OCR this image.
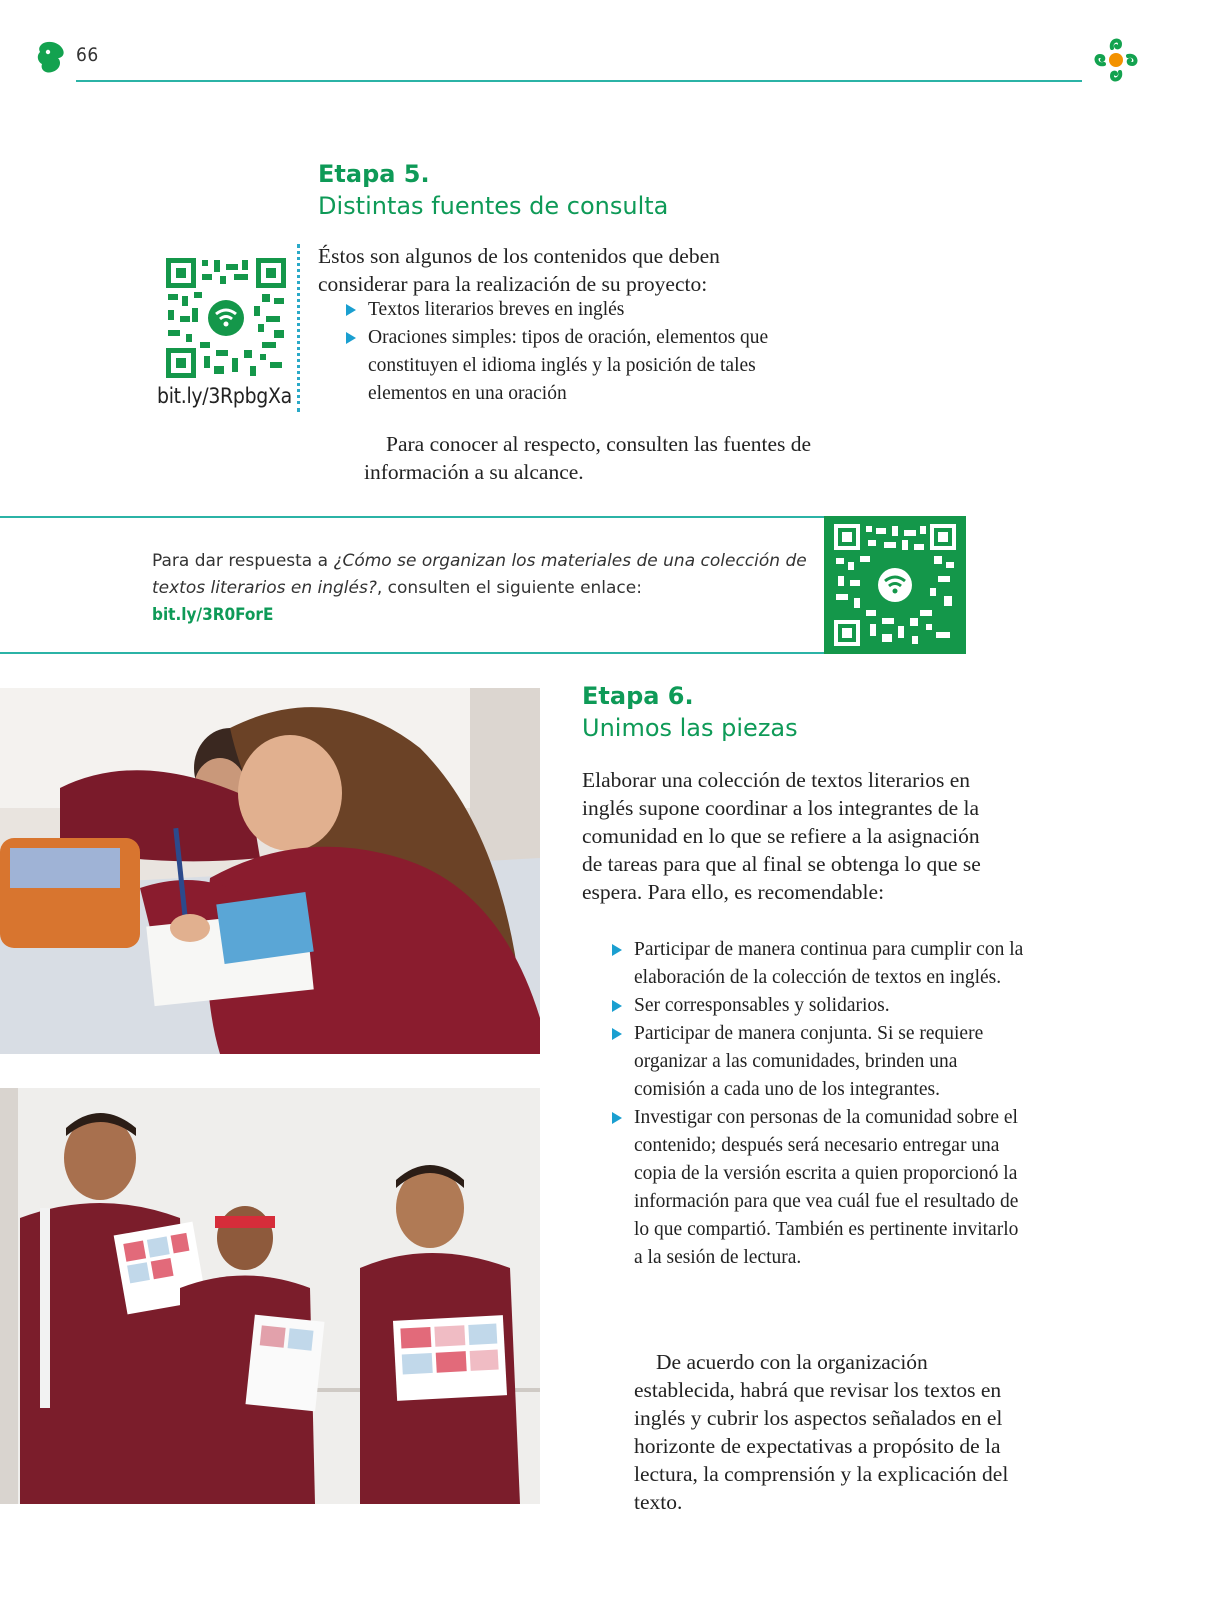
66
Etapa 5.
Distintas fuentes de consulta
bit.ly/3RpbgXa

Éstos son algunos de los contenidos que deben considerar para la realización de su proyecto:

Textos literarios breves en inglés
Oraciones simples: tipos de oración, elementos que constituyen el idioma inglés y la posición de tales elementos en una oración

Para conocer al respecto, consulten las fuentes de información a su alcance.

Para dar respuesta a ¿Cómo se organizan los materiales de una colección de textos literarios en inglés?, consulten el siguiente enlace:
bit.ly/3R0ForE

Etapa 6.
Unimos las piezas

Elaborar una colección de textos literarios en inglés supone coordinar a los integrantes de la comunidad en lo que se refiere a la asignación de tareas para que al final se obtenga lo que se espera. Para ello, es recomendable:

Participar de manera continua para cumplir con la elaboración de la colección de textos en inglés.
Ser corresponsables y solidarios.
Participar de manera conjunta. Si se requiere organizar a las comunidades, brinden una comisión a cada uno de los integrantes.
Investigar con personas de la comunidad sobre el contenido; después será necesario entregar una copia de la versión escrita a quien proporcionó la información para que vea cuál fue el resultado de lo que compartió. También es pertinente invitarlo a la sesión de lectura.

De acuerdo con la organización establecida, habrá que revisar los textos en inglés y cubrir los aspectos señalados en el horizonte de expectativas a propósito de la lectura, la comprensión y la explicación del texto.
